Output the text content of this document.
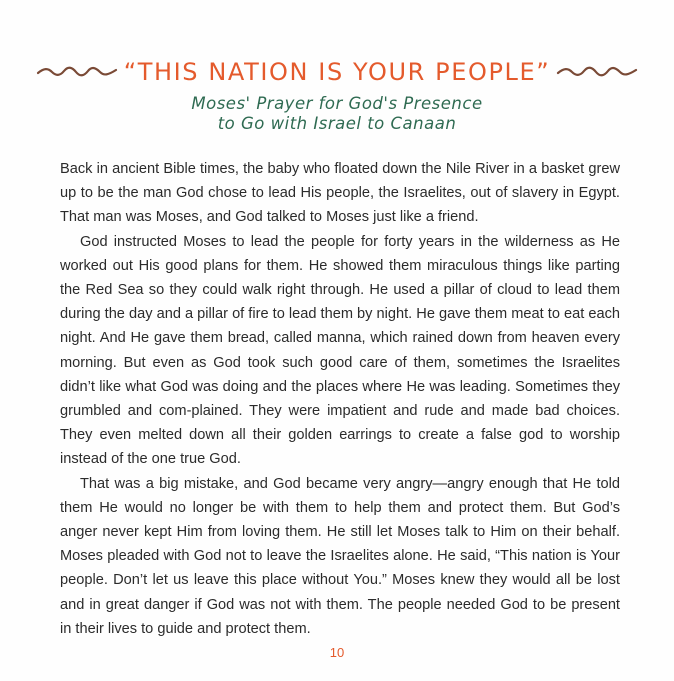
“THIS NATION IS YOUR PEOPLE”
Moses' Prayer for God's Presence
to Go with Israel to Canaan

Back in ancient Bible times, the baby who floated down the Nile River in a basket grew up to be the man God chose to lead His people, the Israelites, out of slavery in Egypt. That man was Moses, and God talked to Moses just like a friend.

God instructed Moses to lead the people for forty years in the wilderness as He worked out His good plans for them. He showed them miraculous things like parting the Red Sea so they could walk right through. He used a pillar of cloud to lead them during the day and a pillar of fire to lead them by night. He gave them meat to eat each night. And He gave them bread, called manna, which rained down from heaven every morning. But even as God took such good care of them, sometimes the Israelites didn’t like what God was doing and the places where He was leading. Sometimes they grumbled and com-plained. They were impatient and rude and made bad choices. They even melted down all their golden earrings to create a false god to worship instead of the one true God.

That was a big mistake, and God became very angry—angry enough that He told them He would no longer be with them to help them and protect them. But God’s anger never kept Him from loving them. He still let Moses talk to Him on their behalf. Moses pleaded with God not to leave the Israelites alone. He said, “This nation is Your people. Don’t let us leave this place without You.” Moses knew they would all be lost and in great danger if God was not with them. The people needed God to be present in their lives to guide and protect them.

10
